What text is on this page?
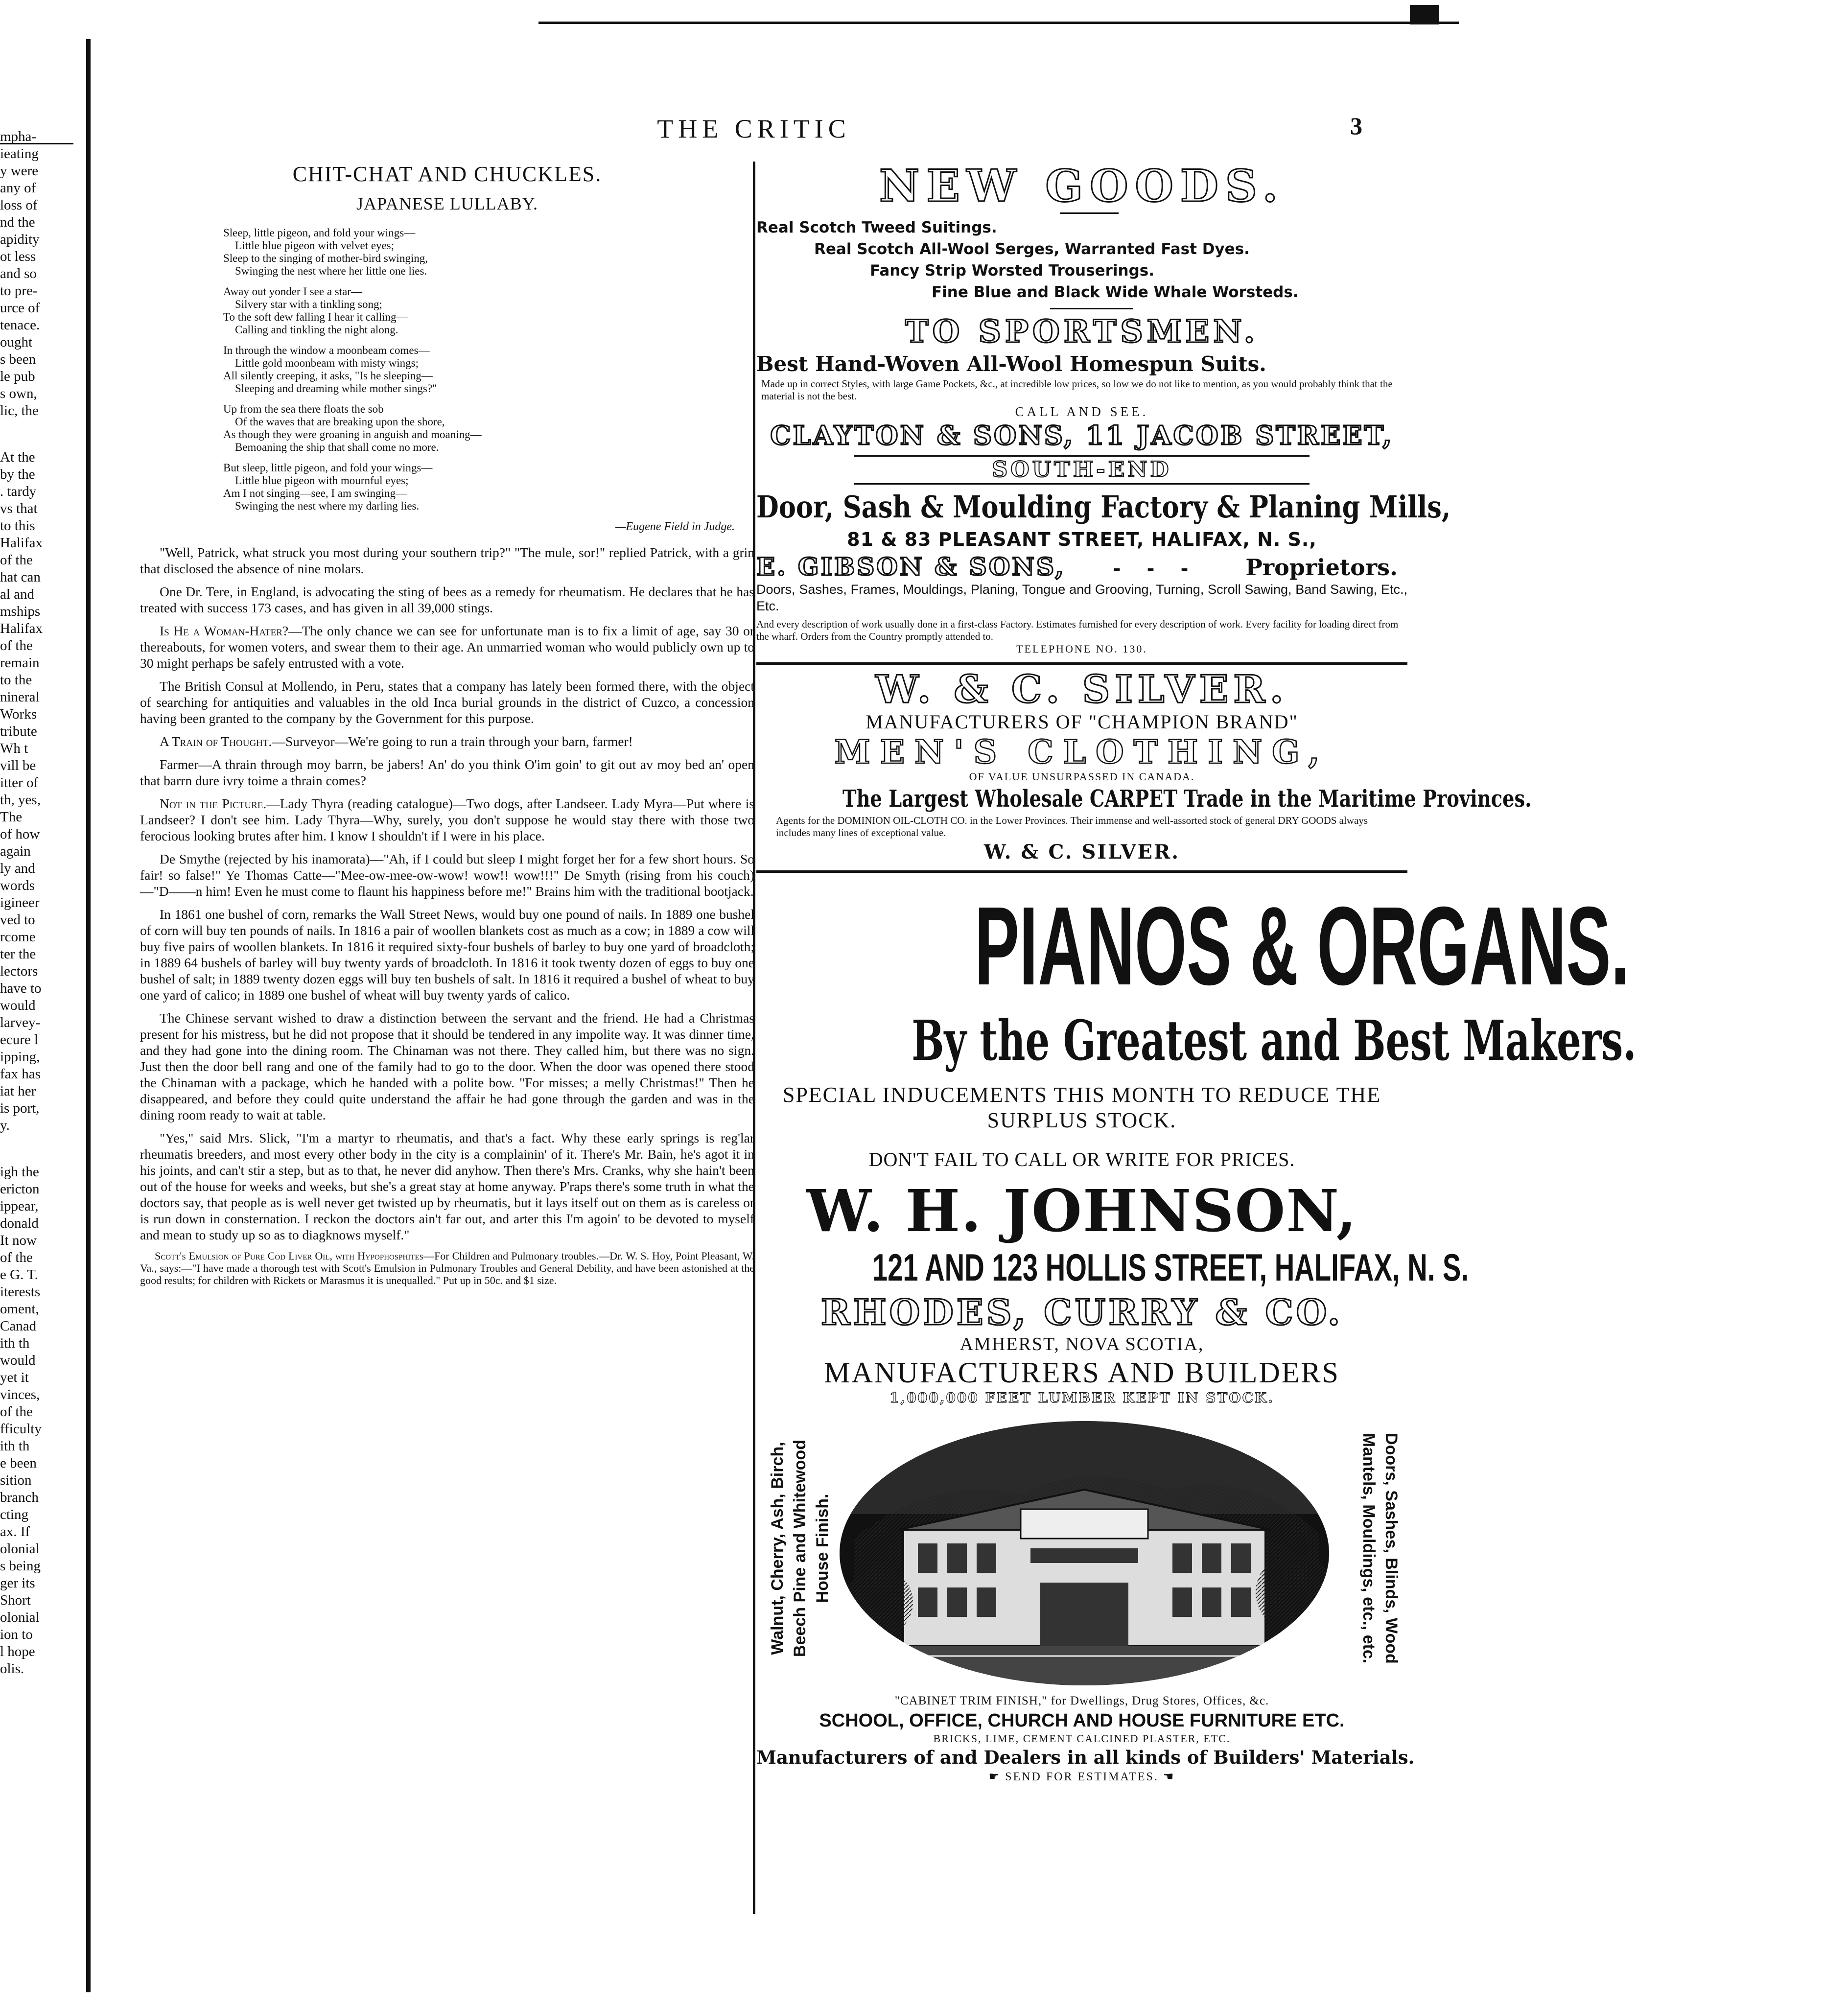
THE CRITIC	3
mpha-
ieating
y were
any of
loss of
nd the
apidity
ot less
and so
to pre-
urce of
tenace.
ought
s been
le pub
s own,
lic, the
At the
by the
. tardy
vs that
to this
Halifax
of the
hat can
al and
mships
Halifax
of the
remain
to the
nineral
Works
tribute
Wh t
vill be
itter of
th, yes,
The
of how
again
ly and
words
igineer
ved to
rcome
ter the
lectors
have to
would
larvey-
ecure l
ipping,
fax has
iat her
is port,
y.
igh the
ericton
ippear,
donald
It now
of the
e G. T.
iterests
oment,
Canad
ith th
would
yet it
vinces,
of the
fficulty
ith th
e been
sition
branch
cting
ax. If
olonial
s being
ger its
Short
olonial
ion to
l hope
olis.
CHIT-CHAT AND CHUCKLES.
JAPANESE LULLABY.
Sleep, little pigeon, and fold your wings—
Little blue pigeon with velvet eyes;
Sleep to the singing of mother-bird swinging,
Swinging the nest where her little one lies.
Away out yonder I see a star—
Silvery star with a tinkling song;
To the soft dew falling I hear it calling—
Calling and tinkling the night along.
In through the window a moonbeam comes—
Little gold moonbeam with misty wings;
All silently creeping, it asks, "Is he sleeping—
Sleeping and dreaming while mother sings?"
Up from the sea there floats the sob
Of the waves that are breaking upon the shore,
As though they were groaning in anguish and moaning—
Bemoaning the ship that shall come no more.
But sleep, little pigeon, and fold your wings—
Little blue pigeon with mournful eyes;
Am I not singing—see, I am swinging—
Swinging the nest where my darling lies.
—Eugene Field in Judge.

"Well, Patrick, what struck you most during your southern trip?" "The mule, sor!" replied Patrick, with a grin that disclosed the absence of nine molars.

One Dr. Tere, in England, is advocating the sting of bees as a remedy for rheumatism. He declares that he has treated with success 173 cases, and has given in all 39,000 stings.

Is He a Woman-Hater?—The only chance we can see for unfortunate man is to fix a limit of age, say 30 or thereabouts, for women voters, and swear them to their age. An unmarried woman who would publicly own up to 30 might perhaps be safely entrusted with a vote.

The British Consul at Mollendo, in Peru, states that a company has lately been formed there, with the object of searching for antiquities and valuables in the old Inca burial grounds in the district of Cuzco, a concession having been granted to the company by the Government for this purpose.

A Train of Thought.—Surveyor—We're going to run a train through your barn, farmer!

Farmer—A thrain through moy barrn, be jabers! An' do you think O'im goin' to git out av moy bed an' open that barrn dure ivry toime a thrain comes?

Not in the Picture.—Lady Thyra (reading catalogue)—Two dogs, after Landseer. Lady Myra—Put where is Landseer? I don't see him. Lady Thyra—Why, surely, you don't suppose he would stay there with those two ferocious looking brutes after him. I know I shouldn't if I were in his place.

De Smythe (rejected by his inamorata)—"Ah, if I could but sleep I might forget her for a few short hours. So fair! so false!" Ye Thomas Catte—"Mee-ow-mee-ow-wow! wow!! wow!!!" De Smyth (rising from his couch)—"D——n him! Even he must come to flaunt his happiness before me!" Brains him with the traditional bootjack.

In 1861 one bushel of corn, remarks the Wall Street News, would buy one pound of nails. In 1889 one bushel of corn will buy ten pounds of nails. In 1816 a pair of woollen blankets cost as much as a cow; in 1889 a cow will buy five pairs of woollen blankets. In 1816 it required sixty-four bushels of barley to buy one yard of broadcloth; in 1889 64 bushels of barley will buy twenty yards of broadcloth. In 1816 it took twenty dozen of eggs to buy one bushel of salt; in 1889 twenty dozen eggs will buy ten bushels of salt. In 1816 it required a bushel of wheat to buy one yard of calico; in 1889 one bushel of wheat will buy twenty yards of calico.

The Chinese servant wished to draw a distinction between the servant and the friend. He had a Christmas present for his mistress, but he did not propose that it should be tendered in any impolite way. It was dinner time, and they had gone into the dining room. The Chinaman was not there. They called him, but there was no sign. Just then the door bell rang and one of the family had to go to the door. When the door was opened there stood the Chinaman with a package, which he handed with a polite bow. "For misses; a melly Christmas!" Then he disappeared, and before they could quite understand the affair he had gone through the garden and was in the dining room ready to wait at table.

"Yes," said Mrs. Slick, "I'm a martyr to rheumatis, and that's a fact. Why these early springs is reg'lar rheumatis breeders, and most every other body in the city is a complainin' of it. There's Mr. Bain, he's agot it in his joints, and can't stir a step, but as to that, he never did anyhow. Then there's Mrs. Cranks, why she hain't been out of the house for weeks and weeks, but she's a great stay at home anyway. P'raps there's some truth in what the doctors say, that people as is well never get twisted up by rheumatis, but it lays itself out on them as is careless or is run down in consternation. I reckon the doctors ain't far out, and arter this I'm agoin' to be devoted to myself and mean to study up so as to diagknows myself."

Scott's Emulsion of Pure Cod Liver Oil, with Hypophosphites—For Children and Pulmonary troubles.—Dr. W. S. Hoy, Point Pleasant, W. Va., says:—"I have made a thorough test with Scott's Emulsion in Pulmonary Troubles and General Debility, and have been astonished at the good results; for children with Rickets or Marasmus it is unequalled." Put up in 50c. and $1 size.

NEW GOODS.
Real Scotch Tweed Suitings.
Real Scotch All-Wool Serges, Warranted Fast Dyes.
Fancy Strip Worsted Trouserings.
Fine Blue and Black Wide Whale Worsteds.
TO SPORTSMEN.
Best Hand-Woven All-Wool Homespun Suits.
Made up in correct Styles, with large Game Pockets, &c., at incredible low prices, so low we do not like to mention, as you would probably think that the material is not the best.
CALL AND SEE.
CLAYTON & SONS, 11 JACOB STREET,
SOUTH-END
Door, Sash & Moulding Factory & Planing Mills,
81 & 83 PLEASANT STREET, HALIFAX, N. S.,
E. GIBSON & SONS,	- - - Proprietors.
Doors, Sashes, Frames, Mouldings, Planing, Tongue and Grooving, Turning, Scroll Sawing, Band Sawing, Etc., Etc.
And every description of work usually done in a first-class Factory. Estimates furnished for every description of work. Every facility for loading direct from the wharf. Orders from the Country promptly attended to.
TELEPHONE NO. 130.
W. & C. SILVER.
MANUFACTURERS OF "CHAMPION BRAND"
MEN'S CLOTHING,
OF VALUE UNSURPASSED IN CANADA.
The Largest Wholesale CARPET Trade in the Maritime Provinces.
Agents for the DOMINION OIL-CLOTH CO. in the Lower Provinces. Their immense and well-assorted stock of general DRY GOODS always includes many lines of exceptional value.
W. & C. SILVER.
PIANOS & ORGANS.
By the Greatest and Best Makers.
SPECIAL INDUCEMENTS THIS MONTH TO REDUCE THE SURPLUS STOCK.
DON'T FAIL TO CALL OR WRITE FOR PRICES.
W. H. JOHNSON,
121 AND 123 HOLLIS STREET, HALIFAX, N. S.
RHODES, CURRY & CO.
AMHERST, NOVA SCOTIA,
MANUFACTURERS AND BUILDERS
1,000,000 FEET LUMBER KEPT IN STOCK.
Walnut, Cherry, Ash, Birch, Beech Pine and Whitewood House Finish.	Doors, Sashes, Blinds, Wood Mantels, Mouldings, etc., etc.
"CABINET TRIM FINISH," for Dwellings, Drug Stores, Offices, &c.
SCHOOL, OFFICE, CHURCH AND HOUSE FURNITURE ETC.
BRICKS, LIME, CEMENT CALCINED PLASTER, ETC.
Manufacturers of and Dealers in all kinds of Builders' Materials.
☛ SEND FOR ESTIMATES. ☚
